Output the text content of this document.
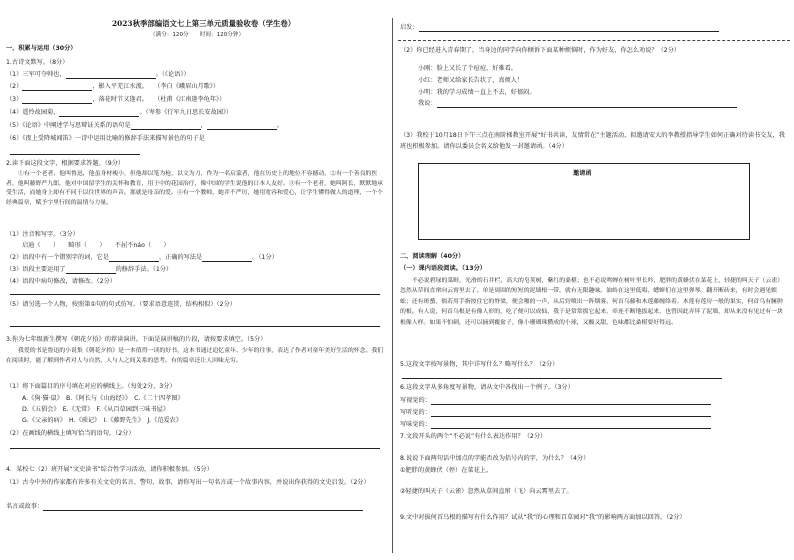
2023秋季部编语文七上第三单元质量验收卷（学生卷）
（满分：120分　　时间：120分钟）
一、积累与运用（30分）
1.古诗文默写。（8分）
（1）三军可夺帅也，	。（《论语》）
（2）	，影入平羌江水流。　　 （李白《峨眉山月歌》）
（3）	，落花时节又逢君。　　 （杜甫《江南逢李龟年》）
（4）遥怜故园菊，	。（岑参《行军九日思长安故园》）
（5）《论语》中阐述学与思辩证关系的语句是	，	。
（6）《夜上受降城闻笛》一诗中运用比喻的修辞手法来描写景色的句子是
2.读下面这段文字，根据要求答题。（9分）
①有一个老者，他叫鲁迅，他虽身材瘦小，但他却以笔为枪，以文为刀，作为一名启蒙者，他在历史上的地位不容撼动。②有一个善良的医者，他叫藤野严九郎，他对中国留学生的关怀和教育，用于中的花园治疗，像中国的学生说他的日本人友好。③有一个老者，她叫阿长，默默地承受生活，而她身上却有不同于以往世界的声音。那就是母亲的爱。④有一个教师，她并不严厉，她用宽容和爱心，让学生懂得做人的道理，一个个经典篇章，赋予字里行间的温情与力量。
（1）注音和写字。（3分）
启迪（　　）　　畸形（　　）　　不屈不náo（　　）
（2）语段中有一个错别字的词，它是	，正确的写法是	。（1分）
（3）语段主要运用了	的修辞手法。（1分）
（4）语段中病句修改，请修改。（2分）
（5）请另选一个人物，按照第①句的句式仿写。（要求语意连贯，结构相似）（2分）
3.你为七年级新生撰写《朝花夕拾》的荐读演讲。下面是演讲稿的片段，请按要求填空。（5分）
我爱的书是鲁迅的小说集《朝花夕拾》是一本值得一读的好书，这本书通过追忆童年、少年的往事，表达了作者对童年美好生活的怀念。我们在阅读时，能了解到作者对人与自然、人与人之间关系的思考。有的篇章还让人回味无穷。
（1）将下面篇目的序号填在对应的横线上。（每处2分，3分）
A.《狗·猫·鼠》　B.《阿长与《山海经》》　C.《二十四孝图》
D.《五猖会》　E.《无常》　F.《从百草园到三味书屋》
G.《父亲的病》　H.《琐记》　I.《藤野先生》　J.《范爱农》
（2）在画线的横线上填写恰当的语句。（2分）
4．某校七（2）班开展“文史读书”综合性学习活动，请你积极参加。（5分）
（1）古今中外的作家都有许多有关文史的名言、警句、故事，请你写出一句名言或一个故事内容，并说出你获得的文史启发。（2分）
名言或故事：
启发：
（2）你已经进入青春期了，当身边的同学向你倾诉下面某种烦恼时，作为好友，你怎么劝说？（2分）
小刚：脸上又长了个痘痘，好难看。
小红：老师又给家长告状了，真烦人！
小明：我的学习成绩一直上不去，好郁闷。
我说：
（3）我校于10月18日下午三点在南阶梯教室开展“好书共读，友情常在”主题活动，拟邀请安大的李教授指导学生如何正确对待读书交友，我班也积极参加。请你以委员会名义给他发一封邀请函。（4分）
邀请函
二、阅读理解（40分）
（一）课内语段阅读。（13分）
不必说碧绿的菜畦，光滑的石井栏，高大的皂荚树，紫红的桑椹；也不必说鸣蝉在树叶里长吟，肥胖的黄蜂伏在菜花上，轻捷的叫天子（云雀）忽然从草间直窜向云霄里去了。单是周围的短短的泥墙根一带，就有无限趣味。油蛉在这里低唱，蟋蟀们在这里弹琴。翻开断砖来，有时会遇见蜈蚣；还有斑蝥，倘若用手指按住它的脊梁，便会啪的一声，从后窍喷出一阵烟雾。何首乌藤和木莲藤缠络着，木莲有莲房一般的果实，何首乌有臃肿的根。有人说，何首乌根是有像人形的，吃了便可以成仙，我于是常常拔它起来，牵连不断地拔起来，也曾因此弄坏了泥墙，却从来没有见过有一块根像人样。如果不怕刺，还可以摘到覆盆子，像小珊瑚珠攒成的小球，又酸又甜，色味都比桑椹要好得远。
5.这段文字按写景物，其中详写什么？略写什么？（2分）
6.这段文字从多角度写景物，请从文中各找出一个例子。（3分）
写视觉的：
写听觉的：
写味觉的：
7.文段开头的两个“不必说”有什么表达作用？（2分）
8.说说下面两句话中加点的字能否改为括号内的字，为什么？（4分）
①肥胖的黄蜂伏（停）在菜花上。
②轻捷的叫天子（云雀）忽然从草间直窜（飞）向云霄里去了。
9.文中对拔何首乌根的描写有什么作用？试从“我”的心理和百草园对“我”的影响两方面加以回答。（2分）
